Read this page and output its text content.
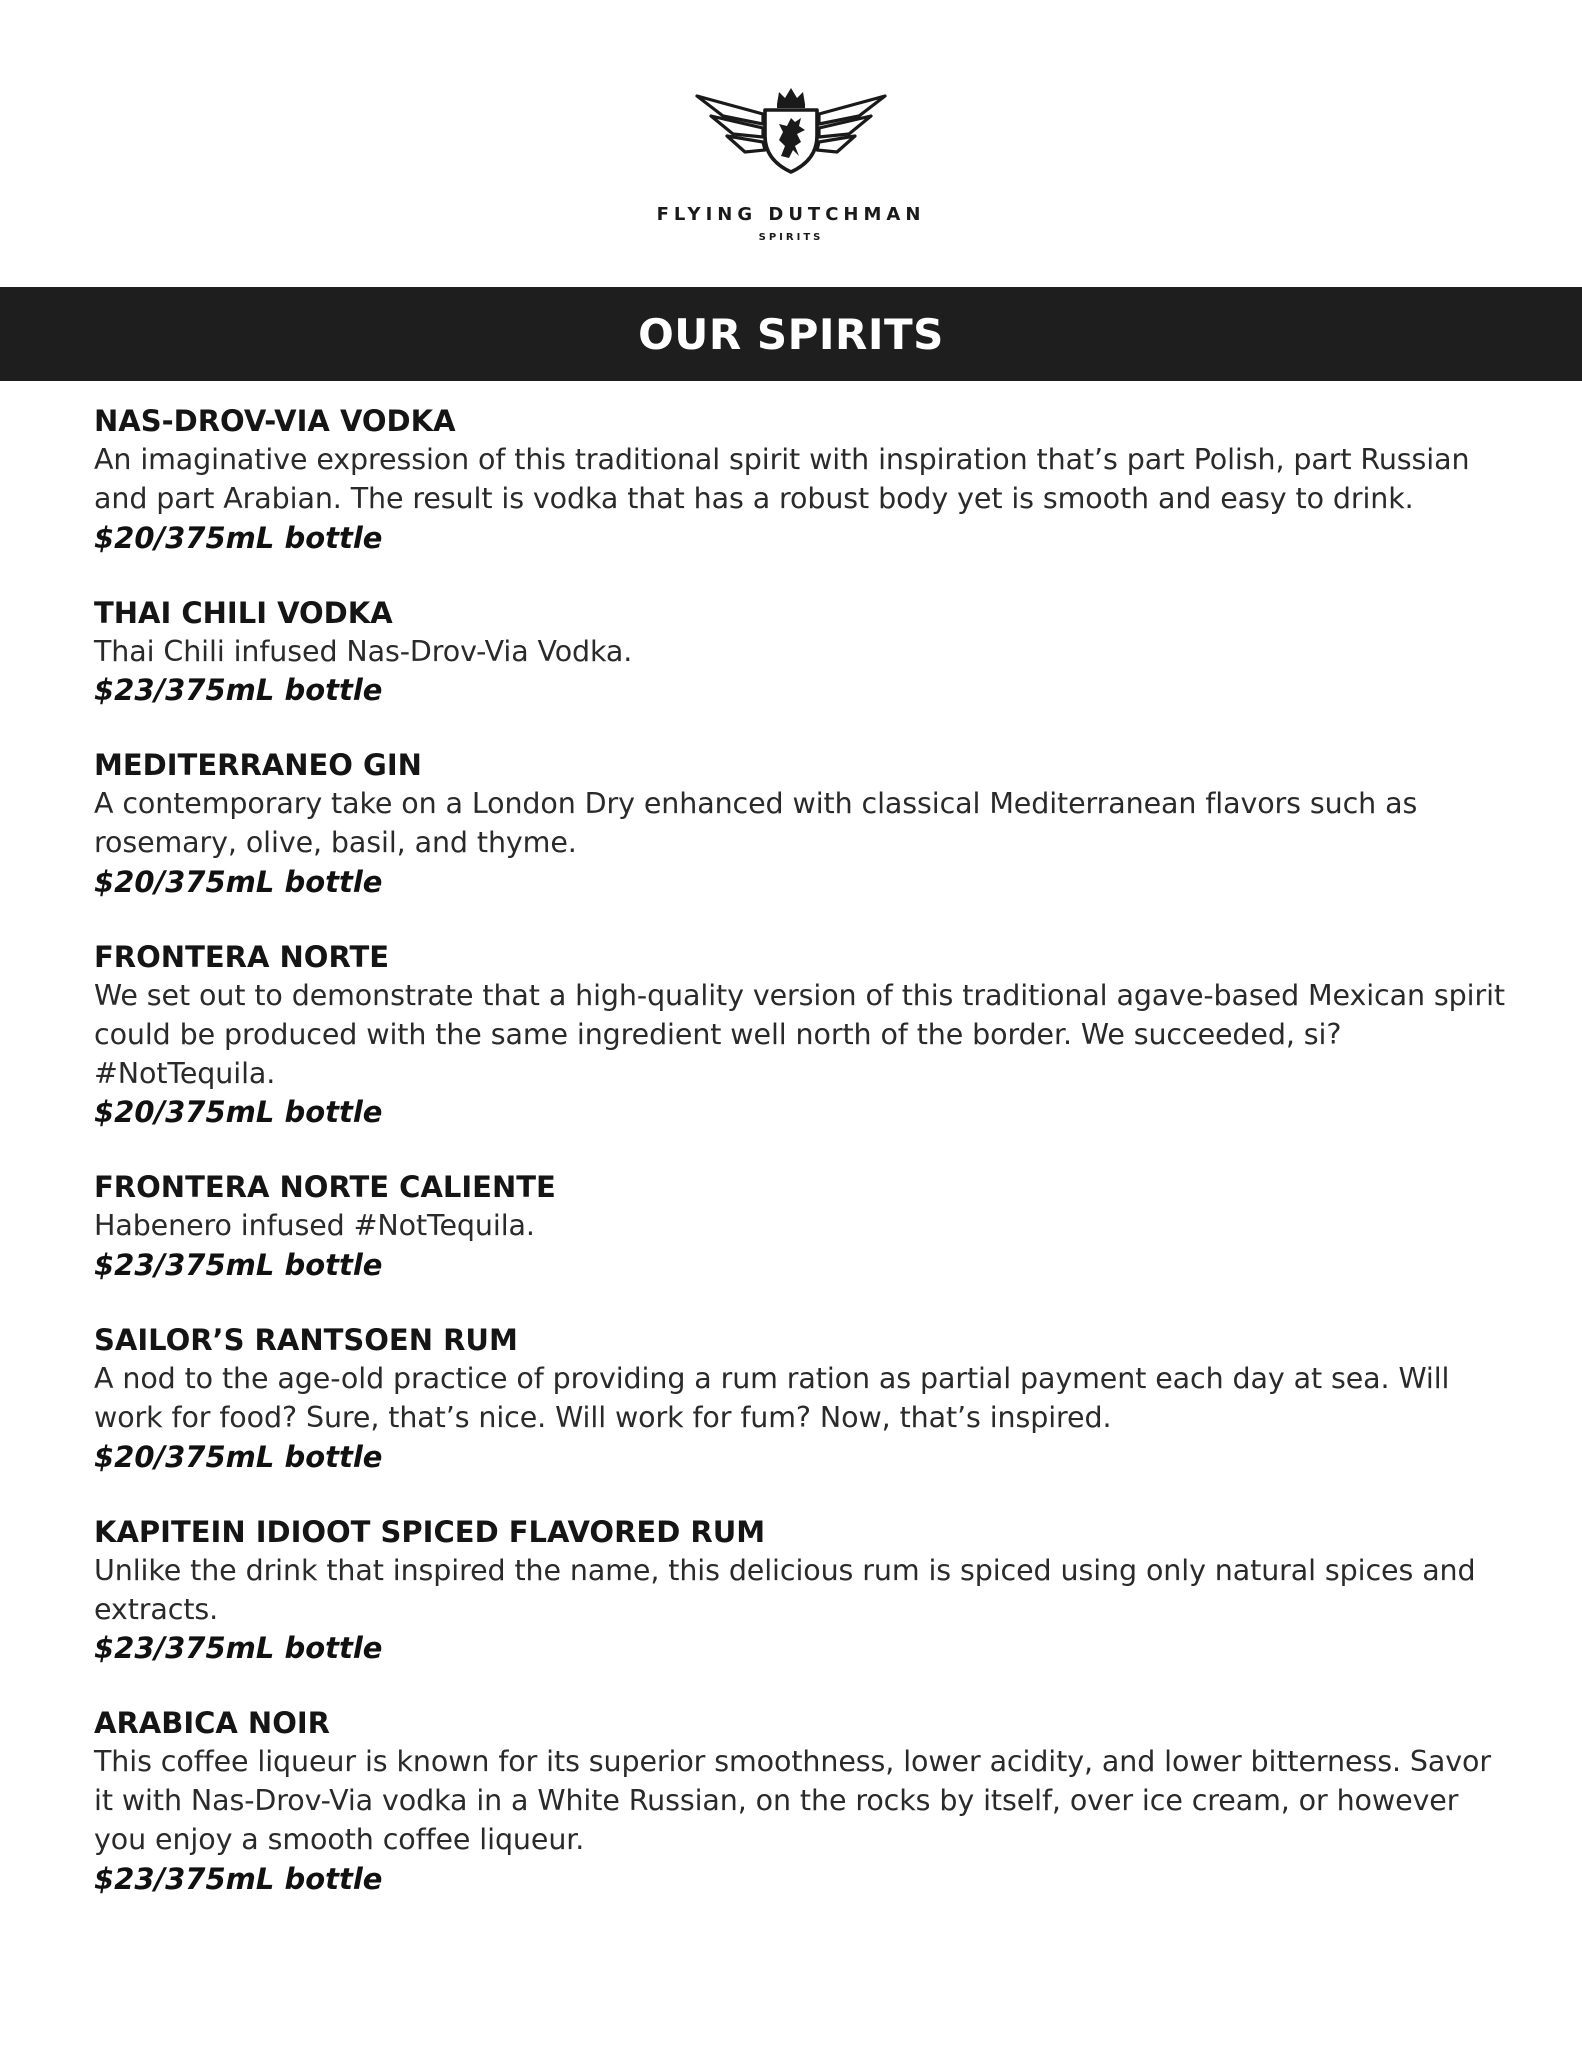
FLYING DUTCHMAN
SPIRITS
OUR SPIRITS
NAS-DROV-VIA VODKA
An imaginative expression of this traditional spirit with inspiration that’s part Polish, part Russian and part Arabian. The result is vodka that has a robust body yet is smooth and easy to drink.
$20/375mL bottle
THAI CHILI VODKA
Thai Chili infused Nas-Drov-Via Vodka.
$23/375mL bottle
MEDITERRANEO GIN
A contemporary take on a London Dry enhanced with classical Mediterranean flavors such as rosemary, olive, basil, and thyme.
$20/375mL bottle
FRONTERA NORTE
We set out to demonstrate that a high-quality version of this traditional agave-based Mexican spirit could be produced with the same ingredient well north of the border. We succeeded, si? #NotTequila.
$20/375mL bottle
FRONTERA NORTE CALIENTE
Habenero infused #NotTequila.
$23/375mL bottle
SAILOR’S RANTSOEN RUM
A nod to the age-old practice of providing a rum ration as partial payment each day at sea. Will work for food? Sure, that’s nice. Will work for fum? Now, that’s inspired.
$20/375mL bottle
KAPITEIN IDIOOT SPICED FLAVORED RUM
Unlike the drink that inspired the name, this delicious rum is spiced using only natural spices and extracts.
$23/375mL bottle
ARABICA NOIR
This coffee liqueur is known for its superior smoothness, lower acidity, and lower bitterness. Savor it with Nas-Drov-Via vodka in a White Russian, on the rocks by itself, over ice cream, or however you enjoy a smooth coffee liqueur.
$23/375mL bottle
